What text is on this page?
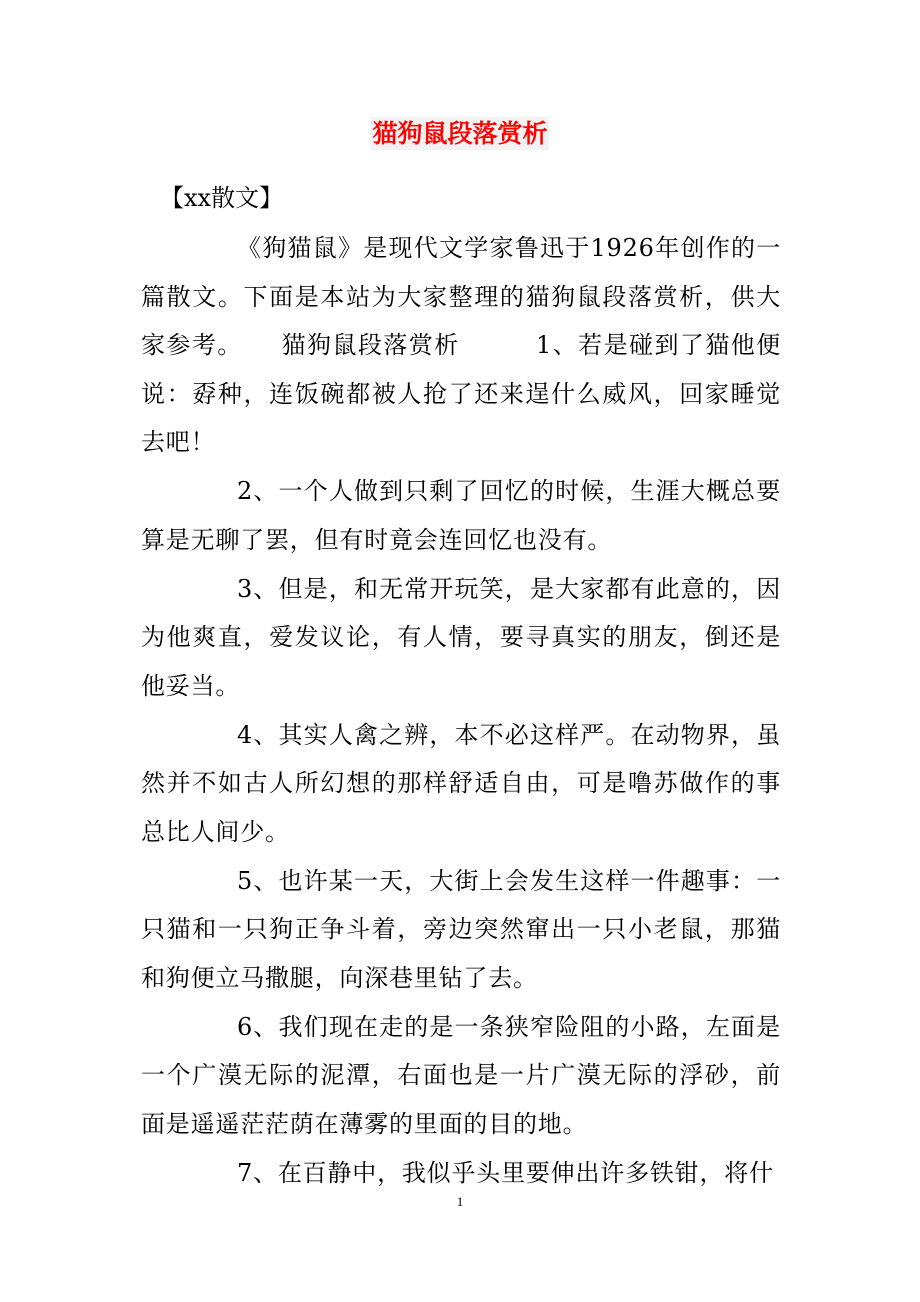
猫狗鼠段落赏析

【xx散文】

《狗猫鼠》是现代文学家鲁迅于1926年创作的一篇散文。下面是本站为大家整理的猫狗鼠段落赏析，供大家参考。　　猫狗鼠段落赏析　　　1、若是碰到了猫他便说：孬种，连饭碗都被人抢了还来逞什么威风，回家睡觉去吧！

2、一个人做到只剩了回忆的时候，生涯大概总要算是无聊了罢，但有时竟会连回忆也没有。

3、但是，和无常开玩笑，是大家都有此意的，因为他爽直，爱发议论，有人情，要寻真实的朋友，倒还是他妥当。

4、其实人禽之辨，本不必这样严。在动物界，虽然并不如古人所幻想的那样舒适自由，可是噜苏做作的事总比人间少。

5、也许某一天，大街上会发生这样一件趣事：一只猫和一只狗正争斗着，旁边突然窜出一只小老鼠，那猫和狗便立马撒腿，向深巷里钻了去。

6、我们现在走的是一条狭窄险阻的小路，左面是一个广漠无际的泥潭，右面也是一片广漠无际的浮砂，前面是遥遥茫茫荫在薄雾的里面的目的地。

7、在百静中，我似乎头里要伸出许多铁钳，将什

1
